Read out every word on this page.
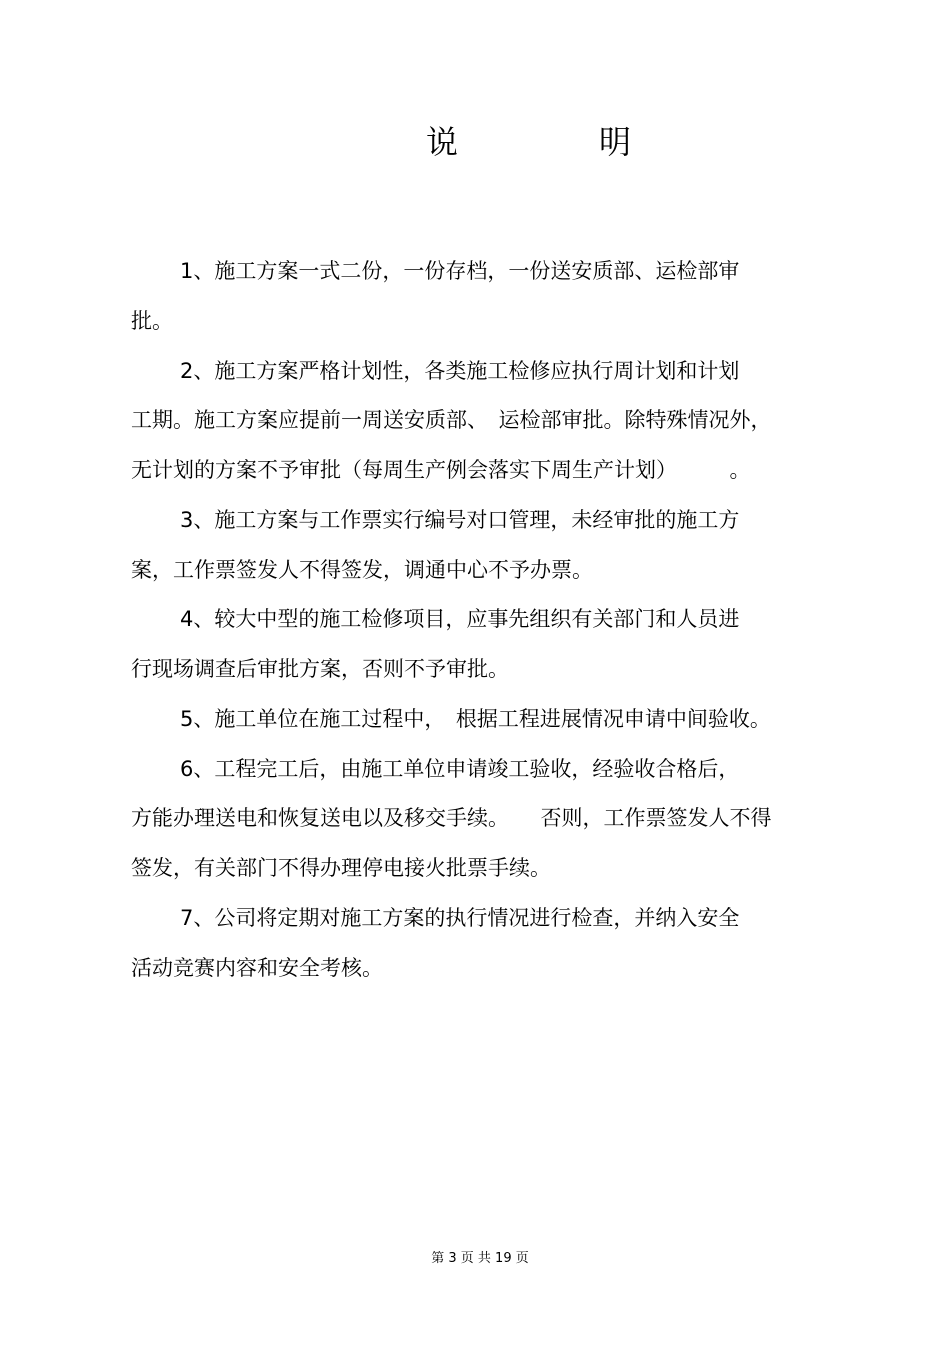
说	明
1、施工方案一式二份，一份存档，一份送安质部、运检部审
批。
2、施工方案严格计划性，各类施工检修应执行周计划和计划
工期。施工方案应提前一周送安质部、　运检部审批。除特殊情况外，
无计划的方案不予审批（每周生产例会落实下周生产计划）　　　。
3、施工方案与工作票实行编号对口管理，未经审批的施工方
案，工作票签发人不得签发，调通中心不予办票。
4、较大中型的施工检修项目，应事先组织有关部门和人员进
行现场调查后审批方案，否则不予审批。
5、施工单位在施工过程中，　根据工程进展情况申请中间验收。
6、工程完工后，由施工单位申请竣工验收，经验收合格后，
方能办理送电和恢复送电以及移交手续。　　否则，工作票签发人不得
签发，有关部门不得办理停电接火批票手续。
7、公司将定期对施工方案的执行情况进行检查，并纳入安全
活动竞赛内容和安全考核。
第 3 页 共 19 页
